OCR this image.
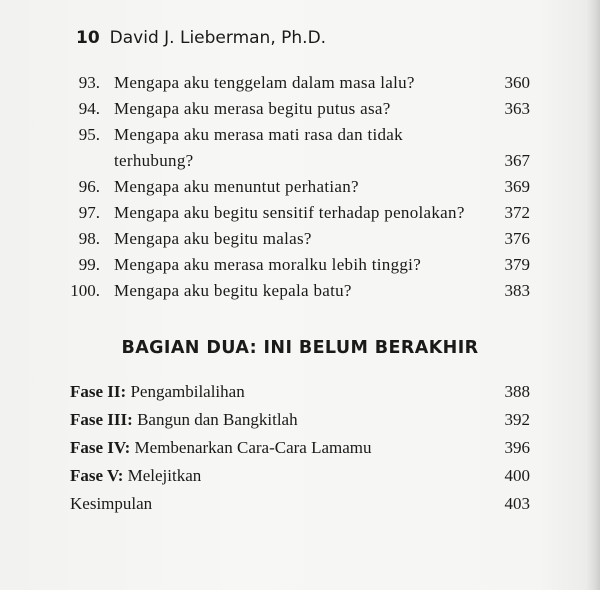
10 David J. Lieberman, Ph.D.
93. Mengapa aku tenggelam dalam masa lalu?	360
94. Mengapa aku merasa begitu putus asa?	363
95. Mengapa aku merasa mati rasa dan tidak
terhubung?	367
96. Mengapa aku menuntut perhatian?	369
97. Mengapa aku begitu sensitif terhadap penolakan? 372
98. Mengapa aku begitu malas?	376
99. Mengapa aku merasa moralku lebih tinggi?	379
100. Mengapa aku begitu kepala batu?	383
BAGIAN DUA: INI BELUM BERAKHIR
Fase II: Pengambilalihan	388
Fase III: Bangun dan Bangkitlah	392
Fase IV: Membenarkan Cara-Cara Lamamu	396
Fase V: Melejitkan	400
Kesimpulan	403
